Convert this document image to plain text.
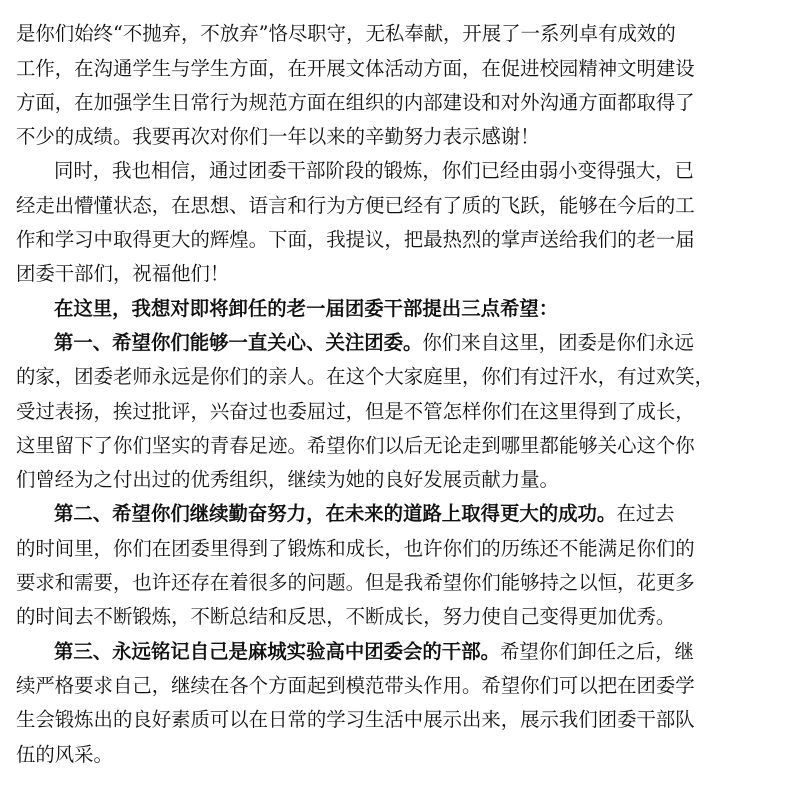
是你们始终“不抛弃，不放弃”恪尽职守，无私奉献，开展了一系列卓有成效的
工作，在沟通学生与学生方面，在开展文体活动方面，在促进校园精神文明建设
方面，在加强学生日常行为规范方面在组织的内部建设和对外沟通方面都取得了
不少的成绩。我要再次对你们一年以来的辛勤努力表示感谢！
同时，我也相信，通过团委干部阶段的锻炼，你们已经由弱小变得强大，已
经走出懵懂状态，在思想、语言和行为方便已经有了质的飞跃，能够在今后的工
作和学习中取得更大的辉煌。下面，我提议，把最热烈的掌声送给我们的老一届
团委干部们，祝福他们！
在这里，我想对即将卸任的老一届团委干部提出三点希望：
第一、希望你们能够一直关心、关注团委。你们来自这里，团委是你们永远
的家，团委老师永远是你们的亲人。在这个大家庭里，你们有过汗水，有过欢笑，
受过表扬，挨过批评，兴奋过也委屈过，但是不管怎样你们在这里得到了成长，
这里留下了你们坚实的青春足迹。希望你们以后无论走到哪里都能够关心这个你
们曾经为之付出过的优秀组织，继续为她的良好发展贡献力量。
第二、希望你们继续勤奋努力，在未来的道路上取得更大的成功。在过去
的时间里，你们在团委里得到了锻炼和成长，也许你们的历练还不能满足你们的
要求和需要，也许还存在着很多的问题。但是我希望你们能够持之以恒，花更多
的时间去不断锻炼，不断总结和反思，不断成长，努力使自己变得更加优秀。
第三、永远铭记自己是麻城实验高中团委会的干部。希望你们卸任之后，继
续严格要求自己，继续在各个方面起到模范带头作用。希望你们可以把在团委学
生会锻炼出的良好素质可以在日常的学习生活中展示出来，展示我们团委干部队
伍的风采。
